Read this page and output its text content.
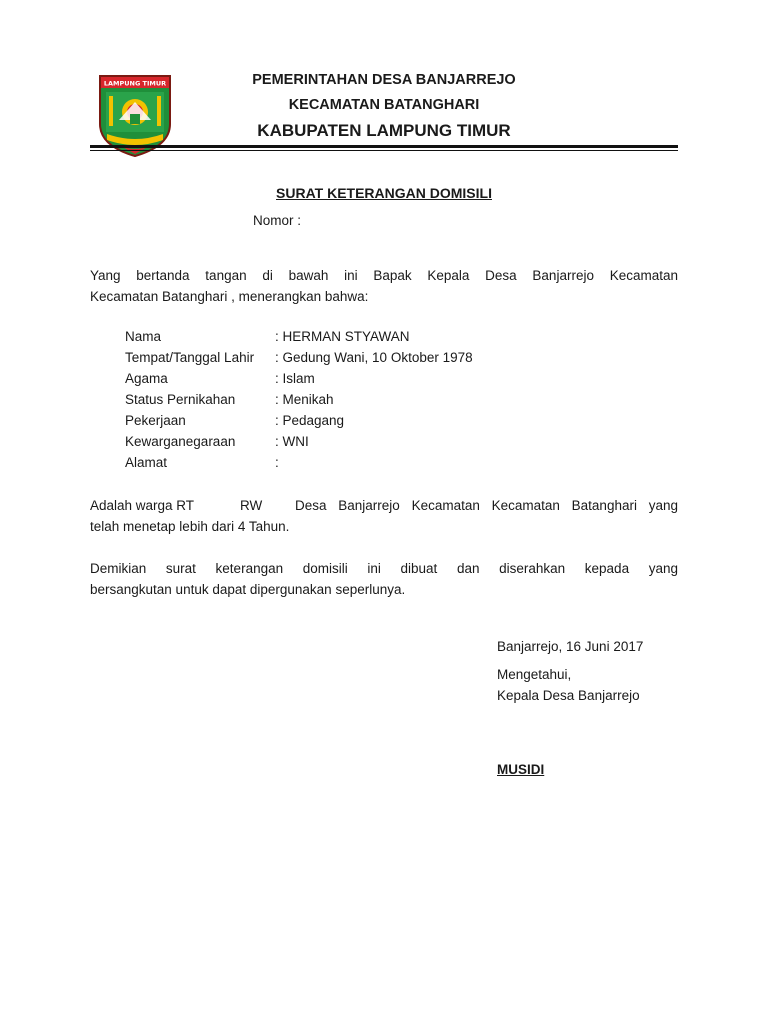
LAMPUNG TIMUR	PEMERINTAHAN DESA BANJARREJO
KECAMATAN BATANGHARI
KABUPATEN LAMPUNG TIMUR
SURAT KETERANGAN DOMISILI
Nomor :
Yang bertanda tangan di bawah ini Bapak Kepala Desa Banjarrejo Kecamatan
Kecamatan Batanghari , menerangkan bahwa:
Nama	: HERMAN STYAWAN
Tempat/Tanggal Lahir : Gedung Wani, 10 Oktober 1978
Agama	: Islam
Status Pernikahan	: Menikah
Pekerjaan	: Pedagang
Kewarganegaraan	: WNI
Alamat	:
Adalah warga RT	RW Desa Banjarrejo Kecamatan Kecamatan Batanghari yang
telah menetap lebih dari 4 Tahun.
Demikian surat keterangan domisili ini dibuat dan diserahkan kepada yang
bersangkutan untuk dapat dipergunakan seperlunya.
Banjarrejo, 16 Juni 2017
Mengetahui,
Kepala Desa Banjarrejo
MUSIDI
